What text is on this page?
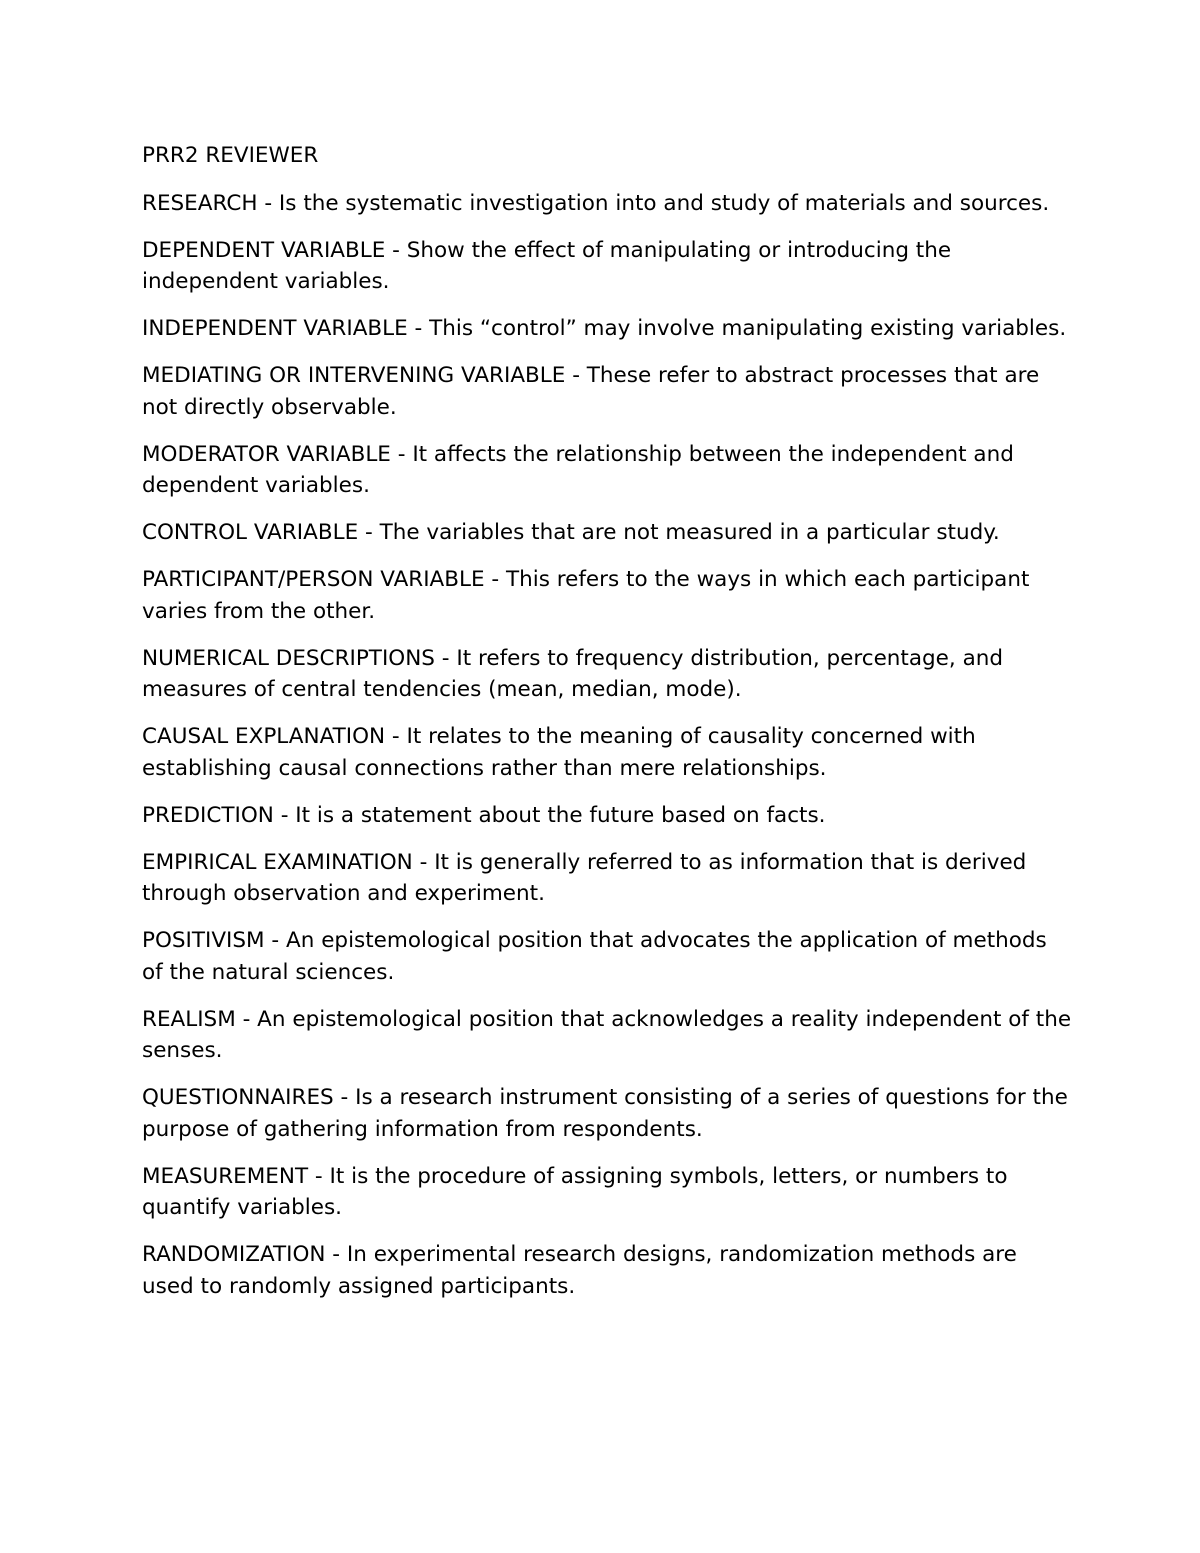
PRR2 REVIEWER

RESEARCH - Is the systematic investigation into and study of materials and sources.

DEPENDENT VARIABLE - Show the effect of manipulating or introducing the independent variables.

INDEPENDENT VARIABLE - This “control” may involve manipulating existing variables.

MEDIATING OR INTERVENING VARIABLE - These refer to abstract processes that are not directly observable.

MODERATOR VARIABLE - It affects the relationship between the independent and dependent variables.

CONTROL VARIABLE - The variables that are not measured in a particular study.

PARTICIPANT/PERSON VARIABLE - This refers to the ways in which each participant varies from the other.

NUMERICAL DESCRIPTIONS - It refers to frequency distribution, percentage, and measures of central tendencies (mean, median, mode).

CAUSAL EXPLANATION - It relates to the meaning of causality concerned with establishing causal connections rather than mere relationships.

PREDICTION - It is a statement about the future based on facts.

EMPIRICAL EXAMINATION - It is generally referred to as information that is derived through observation and experiment.

POSITIVISM - An epistemological position that advocates the application of methods of the natural sciences.

REALISM - An epistemological position that acknowledges a reality independent of the senses.

QUESTIONNAIRES - Is a research instrument consisting of a series of questions for the purpose of gathering information from respondents.

MEASUREMENT - It is the procedure of assigning symbols, letters, or numbers to quantify variables.

RANDOMIZATION - In experimental research designs, randomization methods are used to randomly assigned participants.
